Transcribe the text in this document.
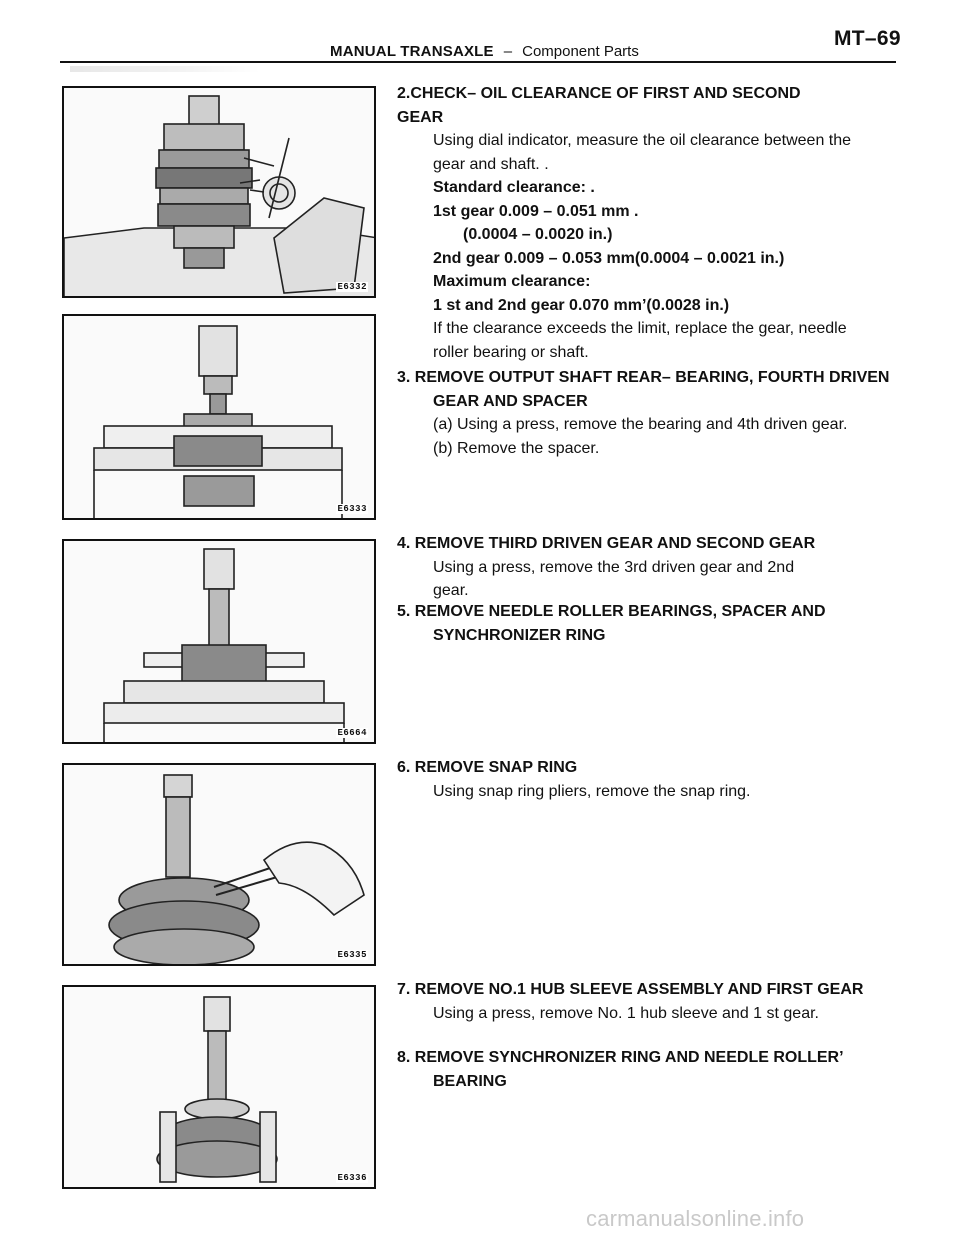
MANUAL TRANSAXLE – Component Parts
MT–69
E6332
E6333
E6664
E6335
E6336

2.CHECK– OIL CLEARANCE OF FIRST AND SECOND GEAR

Using dial indicator, measure the oil clearance between the gear and shaft. .

Standard clearance: .

1st gear 0.009 – 0.051 mm .

(0.0004 – 0.0020 in.)

2nd gear 0.009 – 0.053 mm(0.0004 – 0.0021 in.)

Maximum clearance:

1 st and 2nd gear 0.070 mm’(0.0028 in.)

If the clearance exceeds the limit, replace the gear, needle roller bearing or shaft.

3. REMOVE OUTPUT SHAFT REAR– BEARING, FOURTH DRIVEN GEAR AND SPACER

(a) Using a press, remove the bearing and 4th driven gear.

(b) Remove the spacer.

4. REMOVE THIRD DRIVEN GEAR AND SECOND GEAR

Using a press, remove the 3rd driven gear and 2nd gear.

5. REMOVE NEEDLE ROLLER BEARINGS, SPACER AND SYNCHRONIZER RING

6. REMOVE SNAP RING

Using snap ring pliers, remove the snap ring.

7. REMOVE NO.1 HUB SLEEVE ASSEMBLY AND FIRST GEAR

Using a press, remove No. 1 hub sleeve and 1 st gear.

8. REMOVE SYNCHRONIZER RING AND NEEDLE ROLLER’ BEARING

carmanualsonline.info
